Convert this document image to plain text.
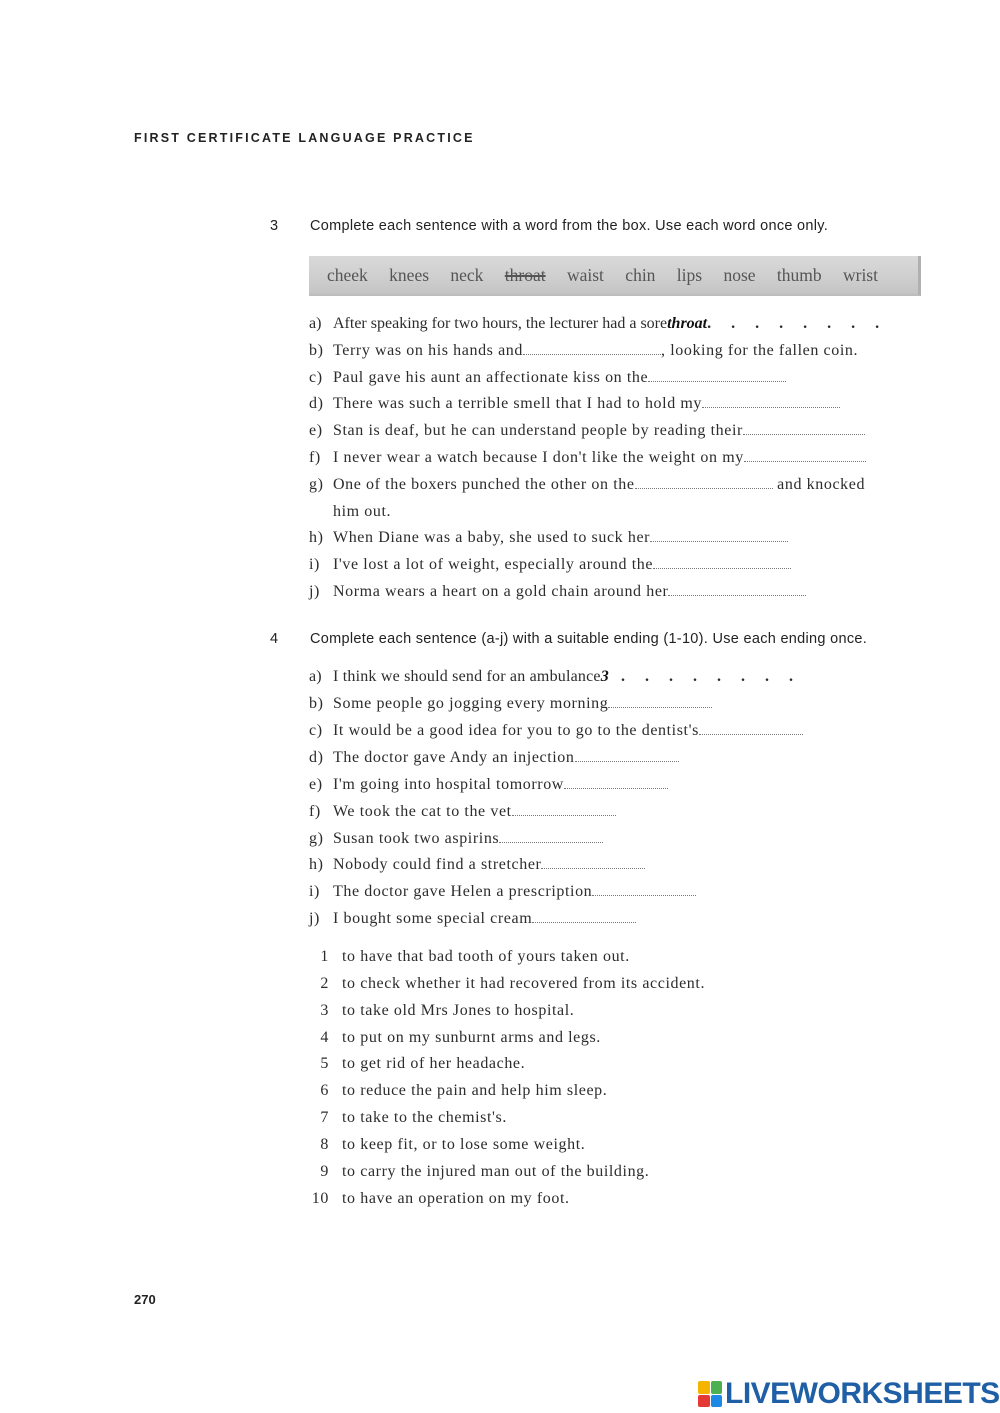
FIRST CERTIFICATE LANGUAGE PRACTICE
3 Complete each sentence with a word from the box. Use each word once only.
cheek knees neck throat waist chin lips nose thumb wrist
a) After speaking for two hours, the lecturer had a sorethroat. . . . . . . .
b) Terry was on his hands and	, looking for the fallen coin.
c) Paul gave his aunt an affectionate kiss on the
d) There was such a terrible smell that I had to hold my
e) Stan is deaf, but he can understand people by reading their
f) I never wear a watch because I don't like the weight on my
g) One of the boxers punched the other on the	and knocked
him out.
h) When Diane was a baby, she used to suck her
i) I've lost a lot of weight, especially around the
j) Norma wears a heart on a gold chain around her
4 Complete each sentence (a-j) with a suitable ending (1-10). Use each ending once.
a) I think we should send for an ambulance3 . . . . . . . .
b) Some people go jogging every morning
c) It would be a good idea for you to go to the dentist's
d) The doctor gave Andy an injection
e) I'm going into hospital tomorrow
f) We took the cat to the vet
g) Susan took two aspirins
h) Nobody could find a stretcher
i) The doctor gave Helen a prescription
j) I bought some special cream
1 to have that bad tooth of yours taken out.
2 to check whether it had recovered from its accident.
3 to take old Mrs Jones to hospital.
4 to put on my sunburnt arms and legs.
5 to get rid of her headache.
6 to reduce the pain and help him sleep.
7 to take to the chemist's.
8 to keep fit, or to lose some weight.
9 to carry the injured man out of the building.
10 to have an operation on my foot.
270
LIVEWORKSHEETS
